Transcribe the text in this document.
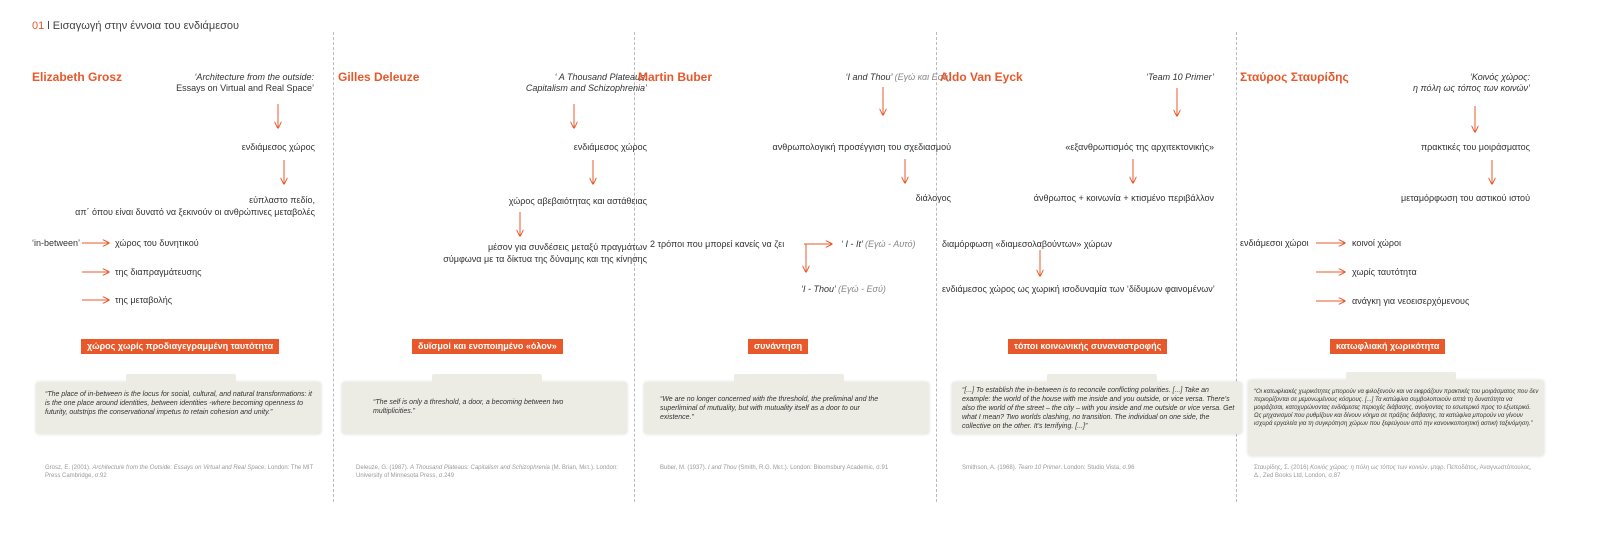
01 l Εισαγωγή στην έννοια του ενδιάμεσου
Elizabeth Grosz	‘Architecture from the outside:
Essays on Virtual and Real Space’
ενδιάμεσος χώρος
εύπλαστο πεδίο,
απ΄ όπου είναι δυνατό να ξεκινούν οι ανθρώπινες μεταβολές
‘in-between’	χώρος του δυνητικού
της διαπραγμάτευσης
της μεταβολής
χώρος χωρίς προδιαγεγραμμένη ταυτότητα
“The place of in-between is the locus for social, cultural, and natural transformations: it is the one place around identities, between identities -where becoming openness to futurity, outstrips the conservational impetus to retain cohesion and unity.”
Grosz, E. (2001). Architecture from the Outside: Essays on Virtual and Real Space. London: The MIT Press Cambridge, σ.92
‘ A Thousand Plateaus:
Capitalism and Schizophrenia’
Gilles Deleuze
ενδιάμεσος χώρος
χώρος αβεβαιότητας και αστάθειας
μέσον για συνδέσεις μεταξύ πραγμάτων
σύμφωνα με τα δίκτυα της δύναμης και της κίνησης
δυϊσμοί και ενοποιημένο «όλον»
“The self is only a threshold, a door, a becoming between two multiplicities.”
Deleuze, G. (1987). A Thousand Plateaus: Capitalism and Schizophrenia (M. Brian, Μετ.). London: University of Minnesota Press, σ.249
Martin Buber	‘I and Thou’ (Εγώ και Εσύ)
ανθρωπολογική προσέγγιση του σχεδιασμού
διάλογος
2 τρόποι που μπορεί κανείς να ζει	‘ I - It’ (Εγώ - Αυτό)
‘I - Thou’ (Εγώ - Εσύ)
συνάντηση
“We are no longer concerned with the threshold, the preliminal and the superliminal of mutuality, but with mutuality itself as a door to our existence.”
Buber, M. (1937). I and Thou (Smith, R.G. Μετ.). London: Bloomsbury Academic, σ.91
Aldo Van Eyck	‘Team 10 Primer’
«εξανθρωπισμός της αρχιτεκτονικής»
άνθρωπος + κοινωνία + κτισμένο περιβάλλον
διαμόρφωση «διαμεσολαβούντων» χώρων
ενδιάμεσος χώρος ως χωρική ισοδυναμία των ‘δίδυμων φαινομένων’
τόποι κοινωνικής συναναστροφής
“[...] To establish the in-between is to reconcile conflicting polarities. [...] Take an example: the world of the house with me inside and you outside, or vice versa. There’s also the world of the street – the city – with you inside and me outside or vice versa. Get what I mean? Two worlds clashing, no transition. The individual on one side, the collective on the other. It’s terrifying. [...]”
Smithson, A. (1968). Team 10 Primer. London: Studio Vista, σ.96
Σταύρος Σταυρίδης	‘Κοινός χώρος:
η πόλη ως τόπος των κοινών’
πρακτικές του μοιράσματος
μεταμόρφωση του αστικού ιστού
ενδιάμεσοι χώροι	κοινοί χώροι
χωρίς ταυτότητα
ανάγκη για νεοεισερχόμενους
κατωφλιακή χωρικότητα
“Οι κατωφλιακές χωρικότητες μπορούν να φιλοξενούν και να εκφράζουν πρακτικές του μοιράσματος που δεν περιορίζονται σε μεμονωμένους κόσμους. [...] Τα κατώφλια συμβολοποιούν απτά τη δυνατότητα να μοιράζεσαι, κατοχυρώνοντας ενδιάμεσες περιοχές διάβασης, ανοίγοντας το εσωτερικό προς το εξωτερικό. Ως μηχανισμοί που ρυθμίζουν και δίνουν νόημα σε πράξεις διάβασης, τα κατώφλια μπορούν να γίνουν ισχυρά εργαλεία για τη συγκρότηση χώρων που ξεφεύγουν από την κανονικοποιητική αστική ταξινόμηση.”
Σταυρίδης, Σ. (2016) Κοινός χώρος: η πόλη ως τόπος των κοινών, μτφρ. Πεποδάτος, Αναγνωστόπουλος, Δ., Zed Books Ltd, London, σ.87
